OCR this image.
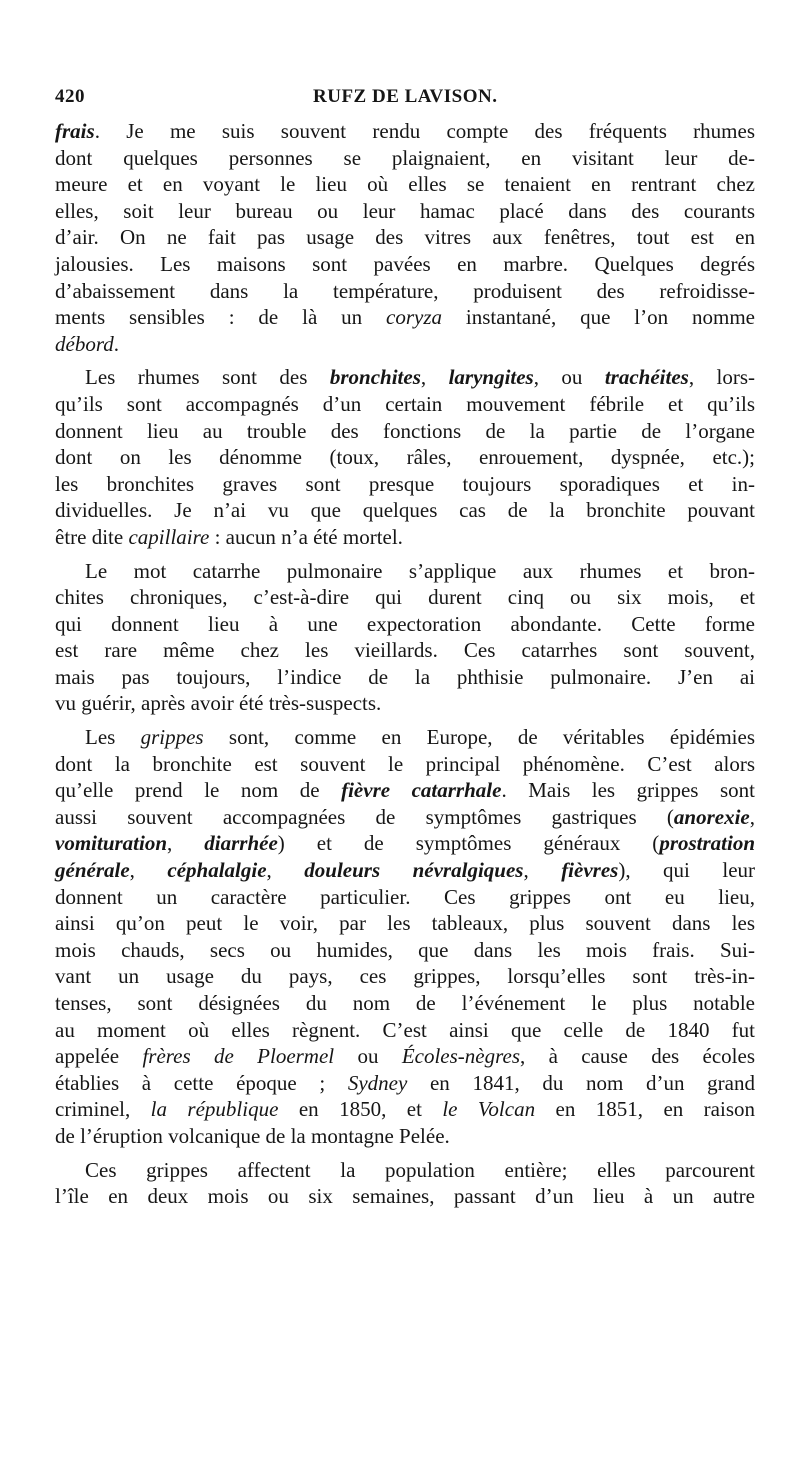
420	RUFZ DE LAVISON.
frais. Je me suis souvent rendu compte des fréquents rhumes
dont quelques personnes se plaignaient, en visitant leur de-
meure et en voyant le lieu où elles se tenaient en rentrant chez
elles, soit leur bureau ou leur hamac placé dans des courants
d’air. On ne fait pas usage des vitres aux fenêtres, tout est en
jalousies. Les maisons sont pavées en marbre. Quelques degrés
d’abaissement dans la température, produisent des refroidisse-
ments sensibles : de là un coryza instantané, que l’on nomme
débord.
Les rhumes sont des bronchites, laryngites, ou trachéites, lors-
qu’ils sont accompagnés d’un certain mouvement fébrile et qu’ils
donnent lieu au trouble des fonctions de la partie de l’organe
dont on les dénomme (toux, râles, enrouement, dyspnée, etc.);
les bronchites graves sont presque toujours sporadiques et in-
dividuelles. Je n’ai vu que quelques cas de la bronchite pouvant
être dite capillaire : aucun n’a été mortel.
Le mot catarrhe pulmonaire s’applique aux rhumes et bron-
chites chroniques, c’est-à-dire qui durent cinq ou six mois, et
qui donnent lieu à une expectoration abondante. Cette forme
est rare même chez les vieillards. Ces catarrhes sont souvent,
mais pas toujours, l’indice de la phthisie pulmonaire. J’en ai
vu guérir, après avoir été très-suspects.
Les grippes sont, comme en Europe, de véritables épidémies
dont la bronchite est souvent le principal phénomène. C’est alors
qu’elle prend le nom de fièvre catarrhale. Mais les grippes sont
aussi souvent accompagnées de symptômes gastriques (anorexie,
vomituration, diarrhée) et de symptômes généraux (prostration
générale, céphalalgie, douleurs névralgiques, fièvres), qui leur
donnent un caractère particulier. Ces grippes ont eu lieu,
ainsi qu’on peut le voir, par les tableaux, plus souvent dans les
mois chauds, secs ou humides, que dans les mois frais. Sui-
vant un usage du pays, ces grippes, lorsqu’elles sont très-in-
tenses, sont désignées du nom de l’événement le plus notable
au moment où elles règnent. C’est ainsi que celle de 1840 fut
appelée frères de Ploermel ou Écoles-nègres, à cause des écoles
établies à cette époque ; Sydney en 1841, du nom d’un grand
criminel, la république en 1850, et le Volcan en 1851, en raison
de l’éruption volcanique de la montagne Pelée.
Ces grippes affectent la population entière; elles parcourent
l’île en deux mois ou six semaines, passant d’un lieu à un autre
